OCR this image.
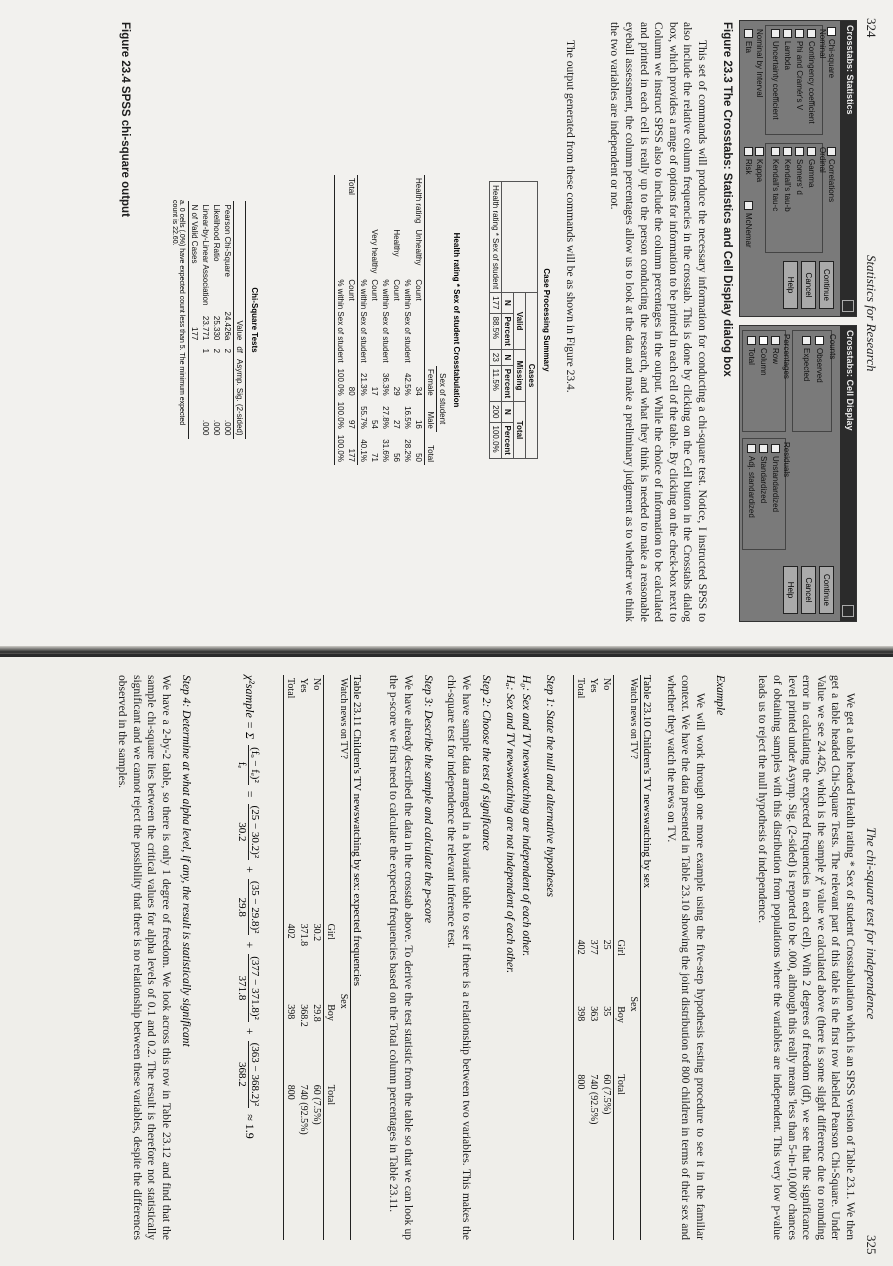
324
Statistics for Research
Crosstabs: Statistics
Chi-square
Nominal
Contingency coefficient
Phi and Cramér's V
Lambda
Uncertainty coefficient
Nominal by Interval
Eta
Correlations
Ordinal
Gamma
Somers' d
Kendall's tau-b
Kendall's tau-c
Kappa
Risk
McNemar
Continue
Cancel
Help
Crosstabs: Cell Display
Counts
Observed
Expected
Percentages
Row
Column
Total
Residuals
Unstandardized
Standardized
Adj. standardized
Continue
Cancel
Help
Figure 23.3 The Crosstabs: Statistics and Cell Display dialog box

This set of commands will produce the necessary information for conducting a chi-square test. Notice, I instructed SPSS to also include the relative column frequencies in the crosstab. This is done by clicking on the Cell button in the Crosstabs dialog box, which provides a range of options for information to be printed in each cell of the table. By clicking on the check-box next to Column we instruct SPSS also to include the column percentages in the output. While the choice of information to be calculated and printed in each cell is really up to the person conducting the research, and what they think is needed to make a reasonable eyeball assessment, the column percentages allow us to look at the data and make a preliminary judgment as to whether we think the two variables are independent or not.

The output generated from these commands will be as shown in Figure 23.4.

Case Processing Summary
	Cases					
	Valid		Missing		Total	
	N	Percent	N	Percent	N	Percent
Health rating * Sex of student	177	88.5%	23	11.5%	200	100.0%
Health rating * Sex of student Crosstabulation
			Sex of student		
			Female	Male	Total
Health rating	Unhealthy	Count	34	16	50
		% within Sex of student	42.5%	16.5%	28.2%
	Healthy	Count	29	27	56
		% within Sex of student	36.3%	27.8%	31.6%
	Very healthy	Count	17	54	71
		% within Sex of student	21.3%	55.7%	40.1%
Total		Count	80	97	177
		% within Sex of student	100.0%	100.0%	100.0%
Chi-Square Tests
	Value	df	Asymp. Sig. (2-sided)
Pearson Chi-Square	24.426a	2	.000
Likelihood Ratio	25.330	2	.000
Linear-by-Linear Association	23.771	1	.000
N of Valid Cases	177		
a. 0 cells (.0%) have expected count less than 5. The minimum expected count is 22.60.
Figure 23.4 SPSS chi-square output
The chi-square test for independence
325

We get a table headed Health rating * Sex of student Crosstabulation which is an SPSS version of Table 23.1. We then get a table headed Chi-Square Tests. The relevant part of this table is the first row labelled Pearson Chi-Square. Under Value we see 24.426, which is the sample χ² value we calculated above (there is some slight difference due to rounding error in calculating the expected frequencies in each cell). With 2 degrees of freedom (df), we see that the significance level printed under Asymp. Sig. (2-sided) is reported to be .000, although this really means 'less than 5-in-10,000' chances of obtaining samples with this distribution from populations where the variables are independent. This very low p-value leads us to reject the null hypothesis of independence.

Example

We will work through one more example using the five-step hypothesis testing procedure to see it in the familiar context. We have the data presented in Table 23.10 showing the joint distribution of 800 children in terms of their sex and whether they watch the news on TV.

Table 23.10 Children's TV newswatching by sex
Watch news on TV?	Sex		
	Girl	Boy	Total
No	25	35	60 (7.5%)
Yes	377	363	740 (92.5%)
Total	402	398	800
Step 1: State the null and alternative hypotheses
H₀: Sex and TV newswatching are independent of each other.
Hₐ: Sex and TV newswatching are not independent of each other.
Step 2: Choose the test of significance

We have sample data arranged in a bivariate table to see if there is a relationship between two variables. This makes the chi-square test for independence the relevant inference test.

Step 3: Describe the sample and calculate the p-score

We have already described the data in the crosstab above. To derive the test statistic from the table so that we can look up the p-score we first need to calculate the expected frequencies based on the Total column percentages in Table 23.11.

Table 23.11 Children's TV newswatching by sex: expected frequencies
Watch news on TV?	Sex		
	Girl	Boy	Total
No	30.2	29.8	60 (7.5%)
Yes	371.8	368.2	740 (92.5%)
Total	402	398	800
χ²sample = Σ
(fₒ − fₑ)²
fₑ
=
(25 − 30.2)²
30.2
+
(35 − 29.8)²
29.8
+
(377 − 371.8)²
371.8
+
(363 − 368.2)²
368.2
≈ 1.9
Step 4: Determine at what alpha level, if any, the result is statistically significant

We have a 2-by-2 table, so there is only 1 degree of freedom. We look across this row in Table 23.12 and find that the sample chi-square lies between the critical values for alpha levels of 0.1 and 0.2. The result is therefore not statistically significant and we cannot reject the possibility that there is no relationship between these variables, despite the differences observed in the samples.
